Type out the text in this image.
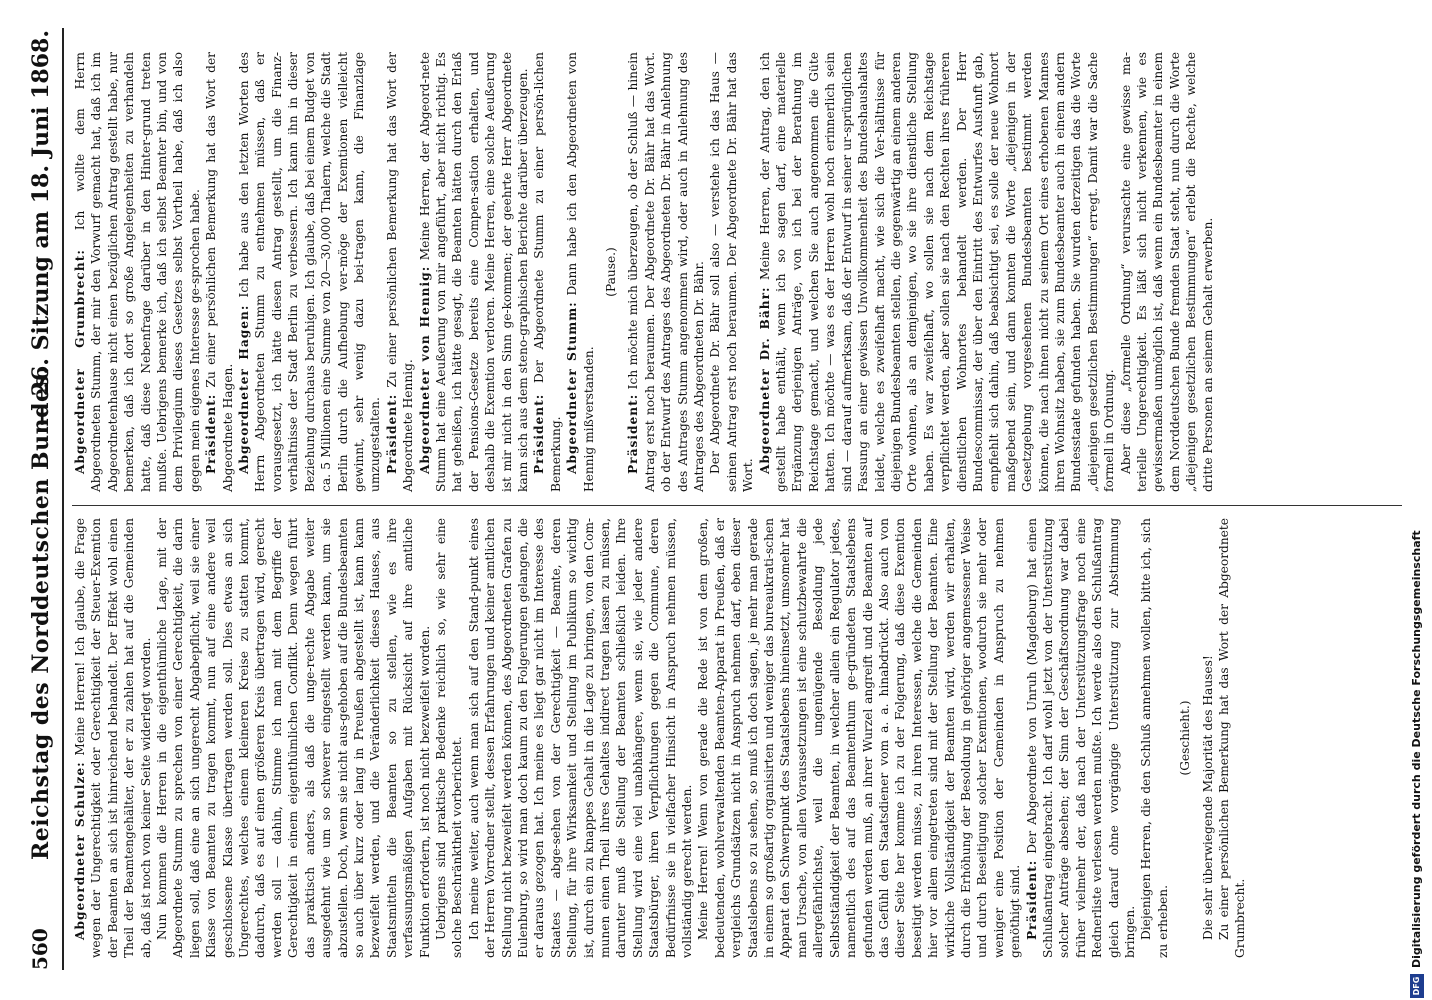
560
Reichstag des Norddeutschen Bundes.
— 26. Sitzung am 18. Juni 1868.

Abgeordneter Schulze: Meine Herren! Ich glaube, die Frage wegen der Ungerechtigkeit oder Gerechtigkeit der Steuer-Exemtion der Beamten an sich ist hinreichend behandelt. Der Effekt wohl einen Theil der Beamtengehälter, der er zu zahlen hat auf die Gemeinden ab, daß ist noch von keiner Seite widerlegt worden. Nun kommen die Herren in die eigenthümliche Lage, mit der Abgeordnete Stumm zu sprechen von einer Gerechtigkeit, die darin liegen soll, daß eine an sich ungerecht Abgabepflicht, weil sie einer Klasse von Beamten zu tragen kommt, nun auf eine andere weil geschlossene Klasse übertragen werden soll. Dies etwas an sich Ungerechtes, welches einem kleineren Kreise zu statten kommt, dadurch, daß es auf einen größeren Kreis übertragen wird, gerecht werden soll — dahin, Stimme ich man mit dem Begriffe der Gerechtigkeit in einem eigenthümlichen Conflikt. Denn wegen führt das praktisch anders, als daß die unge-rechte Abgabe weiter ausgedehnt wie um so schwerer eingestellt werden kann, um sie abzustellen. Doch, wenn sie nicht aus-gehoben auf die Bundesbeamten so auch über kurz oder lang in Preußen abgestellt ist, kann kann bezweifelt werden, und die Veränderlichkeit dieses Hauses, aus Staatsmitteln die Beamten so zu stellen, wie es ihre verfassungsmäßigen Aufgaben mit Rücksicht auf ihre amtliche Funktion erfordern, ist noch nicht bezweifelt worden. Uebrigens sind praktische Bedenke reichlich so, wie sehr eine solche Beschränktheit vorberichtet. Ich meine weiter, auch wenn man sich auf den Stand-punkt eines der Herren Vorredner stellt, dessen Erfahrungen und keiner amtlichen Stellung nicht bezweifelt werden können, des Abgeordneten Grafen zu Eulenburg, so wird man doch kaum zu den Folgerungen gelangen, die er daraus gezogen hat. Ich meine es liegt gar nicht im Interesse des Staates — abge-sehen von der Gerechtigkeit — Beamte, deren Stellung, für ihre Wirksamkeit und Stellung im Publikum so wichtig ist, durch ein zu knappes Gehalt in die Lage zu bringen, von den Com-munen einen Theil ihres Gehaltes indirect tragen lassen zu müssen, darunter muß die Stellung der Beamten schließlich leiden. Ihre Stellung wird eine viel unabhängere, wenn sie, wie jeder andere Staatsbürger, ihren Verpflichtungen gegen die Commune, deren Bedürfnisse sie in vielfacher Hinsicht in Anspruch nehmen müssen, vollständig gerecht werden. Meine Herren! Wenn von gerade die Rede ist von dem großen, bedeutenden, wohlverwaltenden Beamten-Apparat in Preußen, daß er vergleichs Grundsätzen nicht in Anspruch nehmen darf, eben dieser Staatslebens so zu sehen, so muß ich doch sagen, je mehr man gerade in einem so großartig organisirten und weniger das bureaukrati-schen Apparat den Schwerpunkt des Staatslebens hineinsetzt, umsomehr hat man Ursache, von allen Voraussetzungen ist eine schutzbewahrte die allergefährlichste, weil die ungenügende Besoldung jede Selbstständigkeit der Beamten, in welcher allein ein Regulator jedes, namentlich des auf das Beamtenthum ge-gründeten Staatslebens gefunden werden muß, an ihrer Wurzel angreift und die Beamten auf das Gefühl den Staatsdiener vom a. a. hinabdrückt. Also auch von dieser Seite her komme ich zu der Folgerung, daß diese Exemtion beseitigt werden müsse, zu ihren Interessen, welche die Gemeinden hier vor allem eingetreten sind mit der Stellung der Beamten. Eine wirkliche Vollständigkeit der Beamten wird, werden wir erhalten, durch die Erhöhung der Besoldung in gehöriger angemessener Weise und durch Beseitigung solcher Exemtionen, wodurch sie mehr oder weniger eine Position der Gemeinden in Anspruch zu nehmen genöthigt sind. Präsident: Der Abgeordnete von Unruh (Magdeburg) hat einen Schlußantrag eingebracht. Ich darf wohl jetzt von der Unterstützung solcher Anträge absehen; der Sinn der Geschäftsordnung war dabei früher vielmehr der, daß nach der Unterstützungsfrage noch eine Rednerliste verlesen werden mußte. Ich werde also den Schlußantrag gleich darauf ohne vorgängige Unterstützung zur Abstimmung bringen. Diejenigen Herren, die den Schluß annehmen wollen, bitte ich, sich zu erheben.

(Geschieht.) Die sehr überwiegende Majorität des Hauses! Zu einer persönlichen Bemerkung hat das Wort der Abgeordnete Grumbrecht.

Abgeordneter Grumbrecht: Ich wollte dem Herrn Abgeordneten Stumm, der mir den Vorwurf gemacht hat, daß ich im Abgeordnetenhause nicht einen bezüglichen Antrag gestellt habe, nur bemerken, daß ich dort so große Angelegenheiten zu verhandeln hatte, daß diese Nebenfrage darüber in den Hinter-grund treten mußte. Uebrigens bemerke ich, daß ich selbst Beamter bin, und von dem Privilegium dieses Gesetzes selbst Vortheil habe, daß ich also gegen mein eigenes Interesse ge-sprochen habe. Präsident: Zu einer persönlichen Bemerkung hat das Wort der Abgeordnete Hagen. Abgeordneter Hagen: Ich habe aus den letzten Worten des Herrn Abgeordneten Stumm zu entnehmen müssen, daß er vorausgesetzt, ich hätte diesen Antrag gestellt, um die Finanz-verhältnisse der Stadt Berlin zu verbessern. Ich kann ihn in dieser Beziehung durchaus beruhigen. Ich glaube, daß bei einem Budget von ca. 5 Millionen eine Summe von 20—30,000 Thalern, welche die Stadt Berlin durch die Aufhebung ver-möge der Exemtionen vielleicht gewinnt, sehr wenig dazu bei-tragen kann, die Finanzlage umzugestalten. Präsident: Zu einer persönlichen Bemerkung hat das Wort der Abgeordnete Hennig. Abgeordneter von Hennig: Meine Herren, der Abgeord-nete Stumm hat eine Aeußerung von mir angeführt, aber nicht richtig. Es hat geheißen, ich hätte gesagt, die Beamten hätten durch den Erlaß der Pensions-Gesetze bereits eine Compen-sation erhalten, und deshalb die Exemtion verloren. Meine Herren, eine solche Aeußerung ist mir nicht in den Sinn ge-kommen; der geehrte Herr Abgeordnete kann sich aus dem steno-graphischen Berichte darüber überzeugen. Präsident: Der Abgeordnete Stumm zu einer persön-lichen Bemerkung. Abgeordneter Stumm: Dann habe ich den Abgeordneten von Hennig mißverstanden.

(Pause.)

Präsident: Ich möchte mich überzeugen, ob der Schluß — hinein Antrag erst noch beraumen. Der Abgeordnete Dr. Bähr hat das Wort. ob der Entwurf des Antrages des Abgeordneten Dr. Bähr in Anlehnung des Antrages Stumm angenommen wird, oder auch in Anlehnung des Antrages des Abgeordneten Dr. Bähr. Der Abgeordnete Dr. Bähr soll also — verstehe ich das Haus — seinen Antrag erst noch beraumen. Der Abgeordnete Dr. Bähr hat das Wort.

Abgeordneter Dr. Bähr: Meine Herren, der Antrag, den ich gestellt habe enthält, wenn ich so sagen darf, eine materielle Ergänzung derjenigen Anträge, von ich bei der Berathung im Reichstage gemacht, und welchen Sie auch angenommen die Güte hatten. Ich möchte — was es der Herren wohl noch erinnerlich sein sind — darauf aufmerksam, daß der Entwurf in seiner ur-sprünglichen Fassung an einer gewissen Unvollkommenheit des Bundeshaushaltes leidet, welche es zweifelhaft macht, wie sich die Ver-hältnisse für diejenigen Bundesbeamten stellen, die gegenwärtig an einem anderen Orte wohnen, als an demjenigen, wo sie ihre dienstliche Stellung haben. Es war zweifelhaft, wo sollen sie nach dem Reichstage verpflichtet werden, aber sollen sie nach den Rechten ihres früheren dienstlichen Wohnortes behandelt werden. Der Herr Bundescommissar, der über den Eintritt des Entwurfes Ausfunft gab, empfiehlt sich dahin, daß beabsichtigt sei, es solle der neue Wohnort maßgebend sein, und dann konnten die Worte „diejenigen in der Gesetzgebung vorgesehenen Bundesbeamten bestimmt werden können, die nach ihnen nicht zu seinem Ort eines erhobenen Mannes ihren Wohnsitz haben, sie zum Bundesbeamter auch in einem andern Bundesstaate gefunden haben. Sie wurden derzeitigen das die Worte „diejenigen gesetzlichen Bestimmungen“ erregt. Damit war die Sache formell in Ordnung. Aber diese „formelle Ordnung“ verursachte eine gewisse ma-terielle Ungerechtigkeit. Es läßt sich nicht verkennen, wie es gewissermaßen unmöglich ist, daß wenn ein Bundesbeamter in einem dem Norddeutschen Bunde fremden Staat steht, nun durch die Worte „diejenigen gesetzlichen Bestimmungen“ erlebt die Rechte, welche dritte Personen an seinem Gehalt erwerben.

DFG
Digitalisierung gefördert durch die Deutsche Forschungsgemeinschaft
